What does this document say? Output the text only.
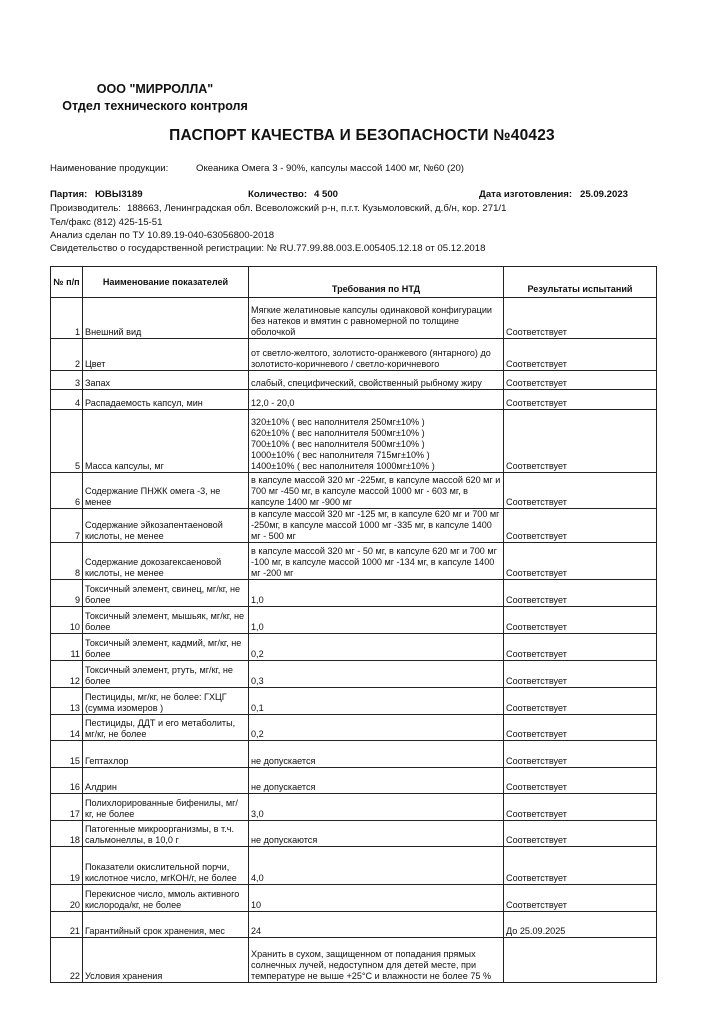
ООО "МИРРОЛЛА"
Отдел технического контроля
ПАСПОРТ КАЧЕСТВА И БЕЗОПАСНОСТИ №40423
Наименование продукции:	Океаника Омега 3 - 90%, капсулы массой 1400 мг, №60 (20)
Партия: ЮВЫ3189	Количество: 4 500	Дата изготовления: 25.09.2023
Производитель: 188663, Ленинградская обл. Всеволожский р-н, п.г.т. Кузьмоловский, д.б/н, кор. 271/1
Тел/факс (812) 425-15-51
Анализ сделан по ТУ 10.89.19-040-63056800-2018
Свидетельство о государственной регистрации: № RU.77.99.88.003.E.005405.12.18 от 05.12.2018
№ п/п	Наименование показателей	Требования по НТД	Результаты испытаний
1	Внешний вид	Мягкие желатиновые капсулы одинаковой конфигурации без натеков и вмятин с равномерной по толщине оболочкой	Соответствует
2	Цвет	от светло-желтого, золотисто-оранжевого (янтарного) до золотисто-коричневого / светло-коричневого	Соответствует
3	Запах	слабый, специфический, свойственный рыбному жиру	Соответствует
4	Распадаемость капсул, мин	12,0 - 20,0	Соответствует
5	Масса капсулы, мг	320±10% ( вес наполнителя 250мг±10% )
620±10% ( вес наполнителя 500мг±10% )
700±10% ( вес наполнителя 500мг±10% )
1000±10% ( вес наполнителя 715мг±10% )
1400±10% ( вес наполнителя 1000мг±10% )	Соответствует
6	Содержание ПНЖК омега -3, не менее	в капсуле массой 320 мг -225мг, в капсуле массой 620 мг и 700 мг -450 мг, в капсуле массой 1000 мг - 603 мг, в капсуле 1400 мг -900 мг	Соответствует
7	Содержание эйкозапентаеновой кислоты, не менее	в капсуле массой 320 мг -125 мг, в капсуле 620 мг и 700 мг -250мг, в капсуле массой 1000 мг -335 мг, в капсуле 1400 мг - 500 мг	Соответствует
8	Содержание докозагексаеновой кислоты, не менее	в капсуле массой 320 мг - 50 мг, в капсуле 620 мг и 700 мг -100 мг, в капсуле массой 1000 мг -134 мг, в капсуле 1400 мг -200 мг	Соответствует
9	Токсичный элемент, свинец, мг/кг, не более	1,0	Соответствует
10	Токсичный элемент, мышьяк, мг/кг, не более	1,0	Соответствует
11	Токсичный элемент, кадмий, мг/кг, не более	0,2	Соответствует
12	Токсичный элемент, ртуть, мг/кг, не более	0,3	Соответствует
13	Пестициды, мг/кг, не более: ГХЦГ (сумма изомеров )	0,1	Соответствует
14	Пестициды, ДДТ и его метаболиты, мг/кг, не более	0,2	Соответствует
15	Гептахлор	не допускается	Соответствует
16	Алдрин	не допускается	Соответствует
17	Полихлорированные бифенилы, мг/кг, не более	3,0	Соответствует
18	Патогенные микроорганизмы, в т.ч. сальмонеллы, в 10,0 г	не допускаются	Соответствует
19	Показатели окислительной порчи, кислотное число, мгКОН/г, не более	4,0	Соответствует
20	Перекисное число, ммоль активного кислорода/кг, не более	10	Соответствует
21	Гарантийный срок хранения, мес	24	До 25.09.2025
22	Условия хранения	Хранить в сухом, защищенном от попадания прямых солнечных лучей, недоступном для детей месте, при температуре не выше +25°С и влажности не более 75 %	
